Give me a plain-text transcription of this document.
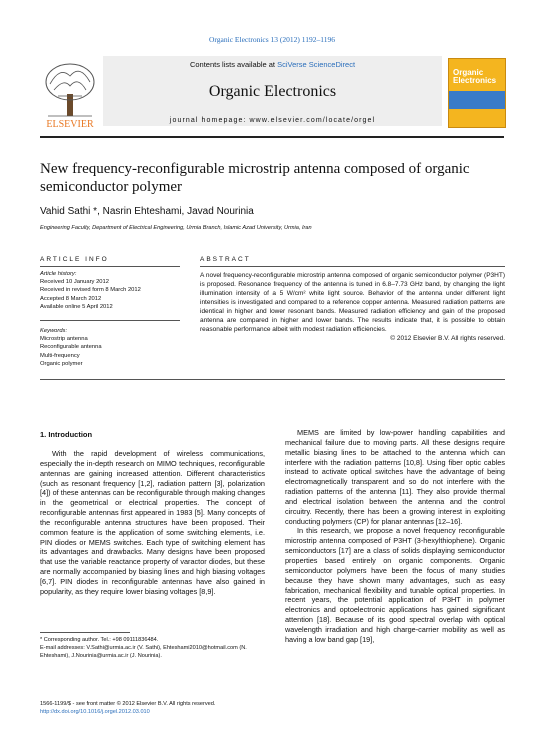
Organic Electronics 13 (2012) 1192–1196
ELSEVIER
Contents lists available at SciVerse ScienceDirect
Organic Electronics
journal homepage: www.elsevier.com/locate/orgel
Organic Electronics
New frequency-reconfigurable microstrip antenna composed of organic semiconductor polymer
Vahid Sathi *, Nasrin Ehteshami, Javad Nourinia
Engineering Faculty, Department of Electrical Engineering, Urmia Branch, Islamic Azad University, Urmia, Iran
ARTICLE INFO
Article history:
Received 10 January 2012
Received in revised form 8 March 2012
Accepted 8 March 2012
Available online 5 April 2012
Keywords:
Microstrip antenna
Reconfigurable antenna
Multi-frequency
Organic polymer
ABSTRACT
A novel frequency-reconfigurable microstrip antenna composed of organic semiconductor polymer (P3HT) is proposed. Resonance frequency of the antenna is tuned in 6.8–7.73 GHz band, by changing the light illumination intensity of a 5 W/cm² white light source. Behavior of the antenna under different light intensities is investigated and compared to a reference copper antenna. Measured radiation patterns are identical in higher and lower resonant bands. Measured radiation efficiency and gain of the proposed antenna are compared in higher and lower bands. The results indicate that, it is possible to obtain reasonable performance albeit with modest radiation efficiencies.
© 2012 Elsevier B.V. All rights reserved.
1. Introduction

With the rapid development of wireless communications, especially the in-depth research on MIMO techniques, reconfigurable antennas are gaining increased attention. Different characteristics (such as resonant frequency [1,2], radiation pattern [3], polarization [4]) of these antennas can be reconfigurable through making changes in the geometrical or electrical properties. The concept of reconfigurable antennas first appeared in 1983 [5]. Many concepts of the reconfigurable antenna structures have been proposed. Their common feature is the application of some switching elements, i.e. PIN diodes or MEMS switches. Each type of switching element has its advantages and drawbacks. Many designs have been proposed that use the variable reactance property of varactor diodes, but these are normally accompanied by biasing lines and high biasing voltages [6,7]. PIN diodes in reconfigurable antennas have also gained in popularity, as they require lower biasing voltages [8,9].

MEMS are limited by low-power handling capabilities and mechanical failure due to moving parts. All these designs require metallic biasing lines to be attached to the antenna which can interfere with the radiation patterns [10,8]. Using fiber optic cables instead to activate optical switches have the advantage of being electromagnetically transparent and so do not interfere with the radiation patterns of the antenna [11]. They also provide thermal and electrical isolation between the antenna and the control circuitry. Recently, there has been a growing interest in exploiting conducting polymers (CP) for planar antennas [12–16].

In this research, we propose a novel frequency reconfigurable microstrip antenna composed of P3HT (3-hexylthiophene). Organic semiconductors [17] are a class of solids displaying semiconductor properties based entirely on organic components. Organic semiconductor polymers have been the focus of many studies because they have shown many advantages, such as easy fabrication, mechanical flexibility and tunable optical properties. In recent years, the potential application of P3HT in polymer electronics and optoelectronic applications has gained significant attention [18]. Because of its good spectral overlap with optical wavelength irradiation and high charge-carrier mobility as well as having a low band gap [19],

* Corresponding author. Tel.: +98 09111836484.
E-mail addresses: V.Sathi@urmia.ac.ir (V. Sathi), Ehteshami2010@hotmail.com (N. Ehteshami), J.Nourinia@urmia.ac.ir (J. Nourinia).
1566-1199/$ - see front matter © 2012 Elsevier B.V. All rights reserved.
http://dx.doi.org/10.1016/j.orgel.2012.03.010
